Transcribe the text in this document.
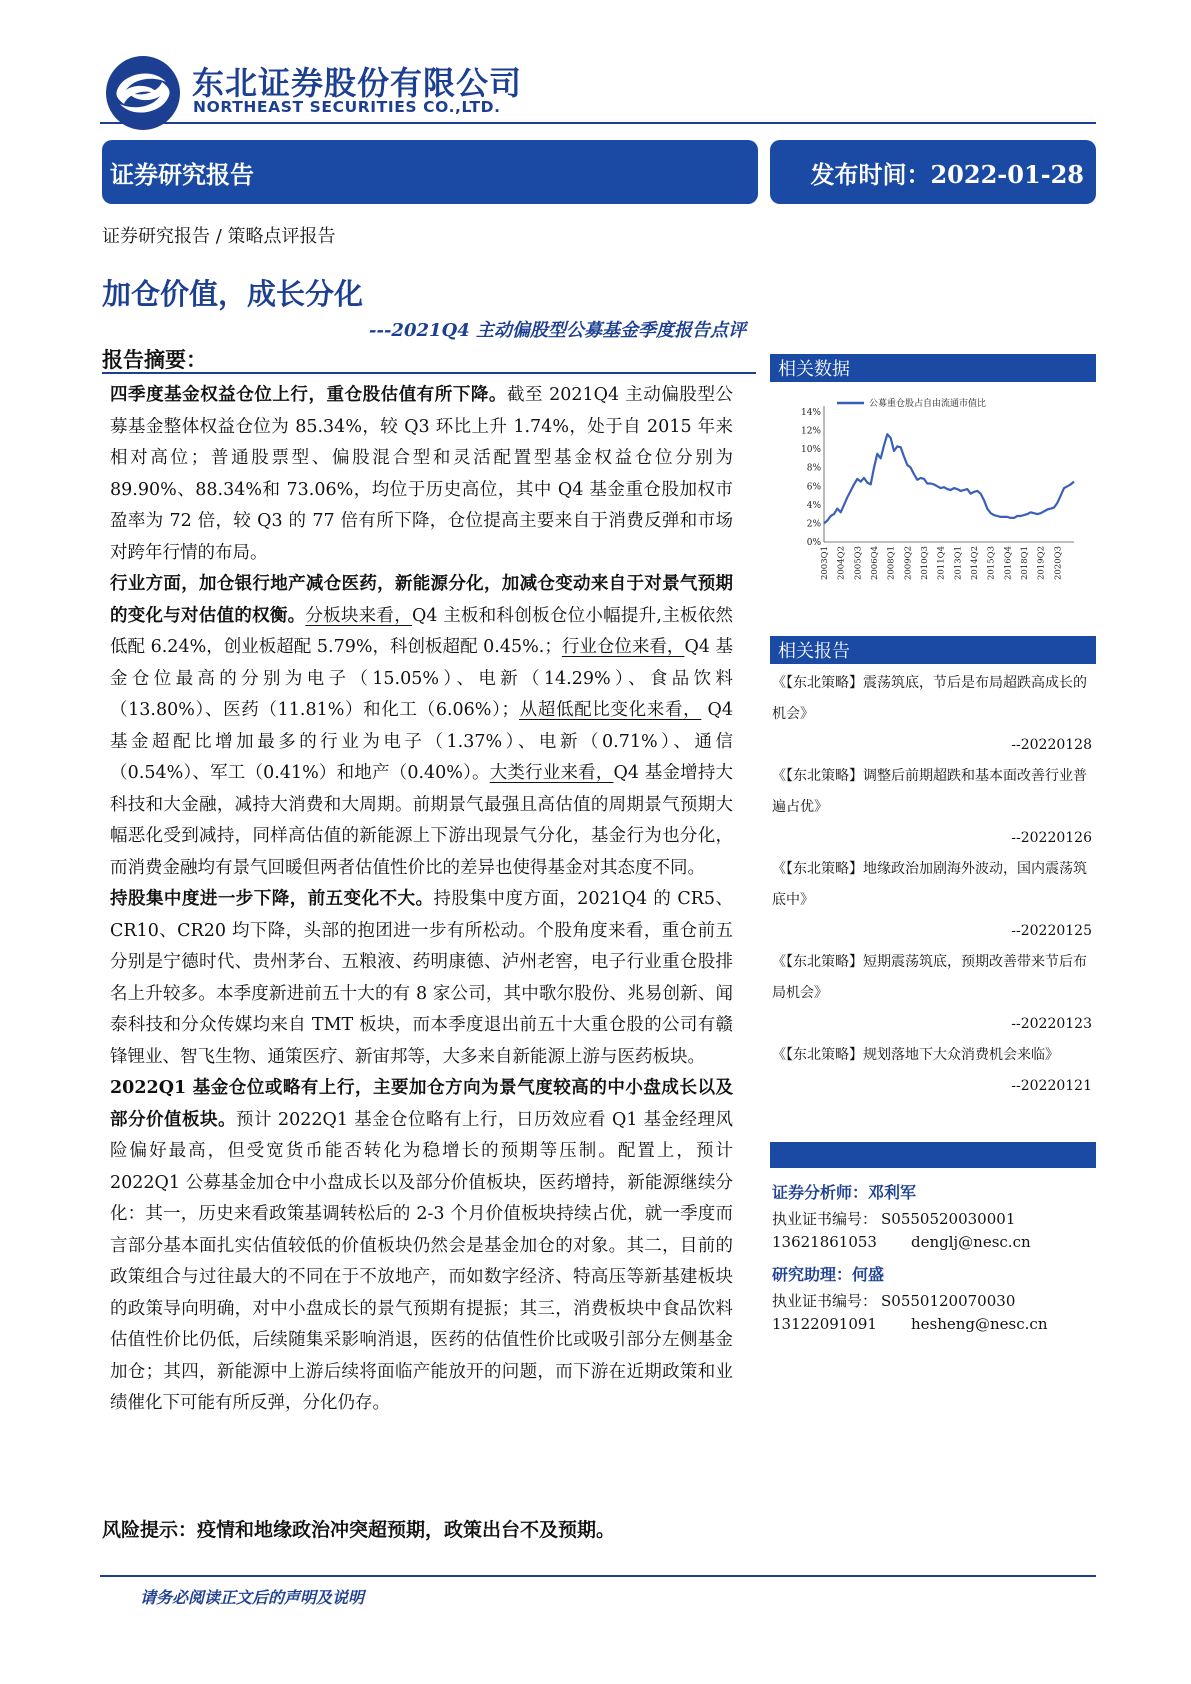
东北证券股份有限公司
NORTHEAST SECURITIES CO.,LTD.
证券研究报告	发布时间：2022-01-28
证券研究报告 / 策略点评报告
加仓价值，成长分化
---2021Q4 主动偏股型公募基金季度报告点评
报告摘要：

四季度基金权益仓位上行，重仓股估值有所下降。截至 2021Q4 主动偏股型公募基金整体权益仓位为 85.34%，较 Q3 环比上升 1.74%，处于自 2015 年来相对高位；普通股票型、偏股混合型和灵活配置型基金权益仓位分别为 89.90%、88.34%和 73.06%，均位于历史高位，其中 Q4 基金重仓股加权市盈率为 72 倍，较 Q3 的 77 倍有所下降，仓位提高主要来自于消费反弹和市场对跨年行情的布局。

行业方面，加仓银行地产减仓医药，新能源分化，加减仓变动来自于对景气预期的变化与对估值的权衡。分板块来看，Q4 主板和科创板仓位小幅提升,主板依然低配 6.24%，创业板超配 5.79%，科创板超配 0.45%.；行业仓位来看，Q4 基金仓位最高的分别为电子（15.05%）、电新（14.29%）、食品饮料（13.80%）、医药（11.81%）和化工（6.06%）；从超低配比变化来看， Q4 基金超配比增加最多的行业为电子（1.37%）、电新（0.71%）、通信（0.54%）、军工（0.41%）和地产（0.40%）。大类行业来看，Q4 基金增持大科技和大金融，减持大消费和大周期。前期景气最强且高估值的周期景气预期大幅恶化受到减持，同样高估值的新能源上下游出现景气分化，基金行为也分化，而消费金融均有景气回暖但两者估值性价比的差异也使得基金对其态度不同。

持股集中度进一步下降，前五变化不大。持股集中度方面，2021Q4 的 CR5、CR10、CR20 均下降，头部的抱团进一步有所松动。个股角度来看，重仓前五分别是宁德时代、贵州茅台、五粮液、药明康德、泸州老窖，电子行业重仓股排名上升较多。本季度新进前五十大的有 8 家公司，其中歌尔股份、兆易创新、闻泰科技和分众传媒均来自 TMT 板块，而本季度退出前五十大重仓股的公司有赣锋锂业、智飞生物、通策医疗、新宙邦等，大多来自新能源上游与医药板块。

2022Q1 基金仓位或略有上行，主要加仓方向为景气度较高的中小盘成长以及部分价值板块。预计 2022Q1 基金仓位略有上行，日历效应看 Q1 基金经理风险偏好最高，但受宽货币能否转化为稳增长的预期等压制。配置上，预计 2022Q1 公募基金加仓中小盘成长以及部分价值板块，医药增持，新能源继续分化：其一，历史来看政策基调转松后的 2-3 个月价值板块持续占优，就一季度而言部分基本面扎实估值较低的价值板块仍然会是基金加仓的对象。其二，目前的政策组合与过往最大的不同在于不放地产，而如数字经济、特高压等新基建板块的政策导向明确，对中小盘成长的景气预期有提振；其三，消费板块中食品饮料估值性价比仍低，后续随集采影响消退，医药的估值性价比或吸引部分左侧基金加仓；其四，新能源中上游后续将面临产能放开的问题，而下游在近期政策和业绩催化下可能有所反弹，分化仍存。

风险提示：疫情和地缘政治冲突超预期，政策出台不及预期。
请务必阅读正文后的声明及说明
相关数据
公募重仓股占自由流通市值比
0%
2%
4%
6%
8%
10%
12%
14%
2003Q1 2004Q2 2005Q3 2006Q4 2008Q1 2009Q2 2010Q3 2011Q4 2013Q1 2014Q2 2015Q3 2016Q4 2018Q1 2019Q2 2020Q3
相关报告
《【东北策略】震荡筑底，节后是布局超跌高成长的机会》
--20220128
《【东北策略】调整后前期超跌和基本面改善行业普遍占优》
--20220126
《【东北策略】地缘政治加剧海外波动，国内震荡筑底中》
--20220125
《【东北策略】短期震荡筑底，预期改善带来节后布局机会》
--20220123
《【东北策略】规划落地下大众消费机会来临》
--20220121
证券分析师：邓利军
执业证书编号： S0550520030001
13621861053 denglj@nesc.cn
研究助理：何盛
执业证书编号： S0550120070030
13122091091 hesheng@nesc.cn
